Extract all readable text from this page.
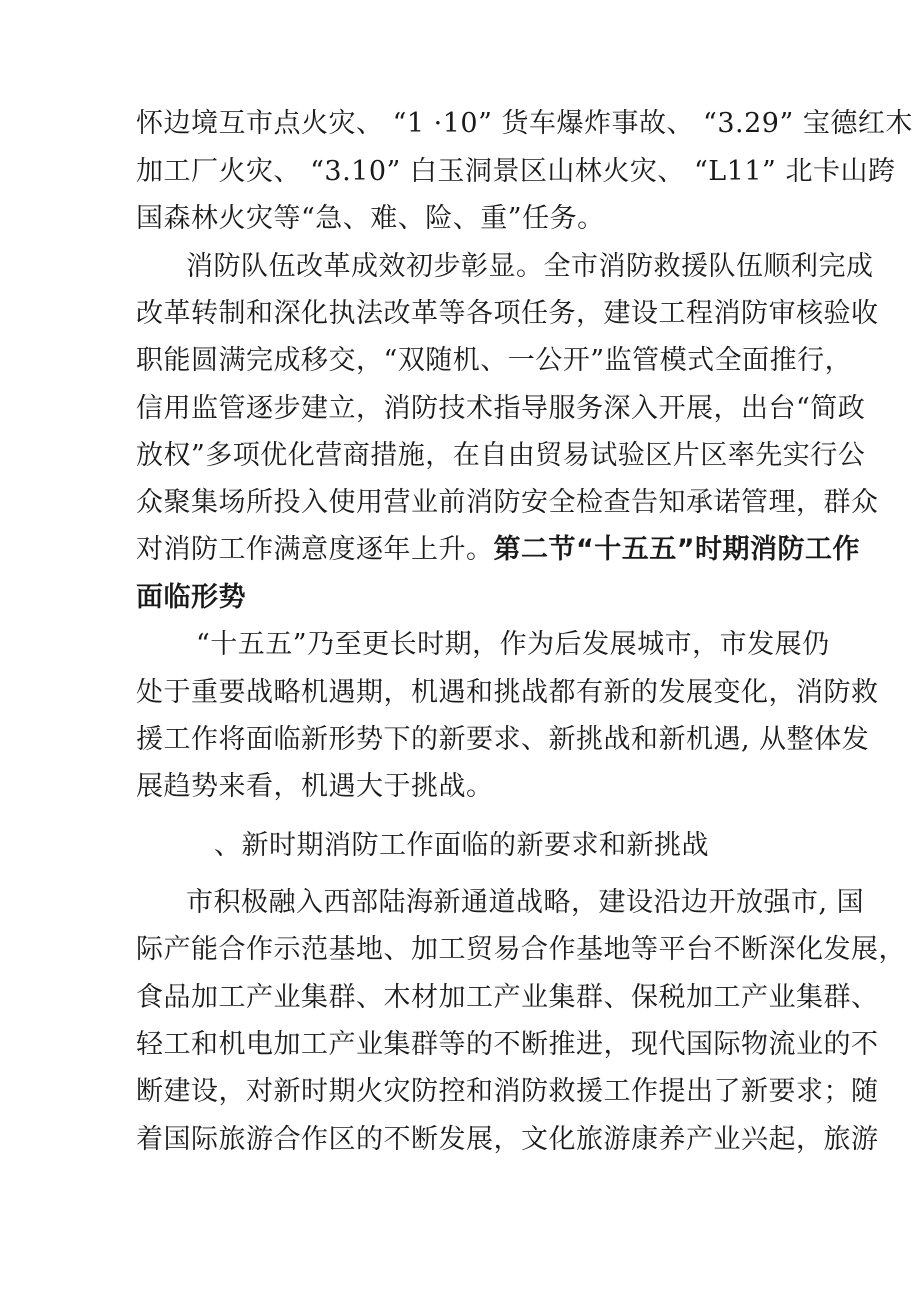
怀边境互市点火灾、 “1 ·10” 货车爆炸事故、 “3.29” 宝德红木
加工厂火灾、 “3.10” 白玉洞景区山林火灾、 “L11” 北卡山跨
国森林火灾等“急、难、险、重”任务。
消防队伍改革成效初步彰显。全市消防救援队伍顺利完成
改革转制和深化执法改革等各项任务，建设工程消防审核验收
职能圆满完成移交，“双随机、一公开”监管模式全面推行，
信用监管逐步建立，消防技术指导服务深入开展，出台“简政
放权”多项优化营商措施，在自由贸易试验区片区率先实行公
众聚集场所投入使用营业前消防安全检查告知承诺管理，群众
对消防工作满意度逐年上升。第二节“十五五”时期消防工作
面临形势
“十五五”乃至更长时期，作为后发展城市，市发展仍
处于重要战略机遇期，机遇和挑战都有新的发展变化，消防救
援工作将面临新形势下的新要求、新挑战和新机遇, 从整体发
展趋势来看，机遇大于挑战。
、新时期消防工作面临的新要求和新挑战
市积极融入西部陆海新通道战略，建设沿边开放强市, 国
际产能合作示范基地、加工贸易合作基地等平台不断深化发展，
食品加工产业集群、木材加工产业集群、保税加工产业集群、
轻工和机电加工产业集群等的不断推进，现代国际物流业的不
断建设，对新时期火灾防控和消防救援工作提出了新要求；随
着国际旅游合作区的不断发展，文化旅游康养产业兴起，旅游
